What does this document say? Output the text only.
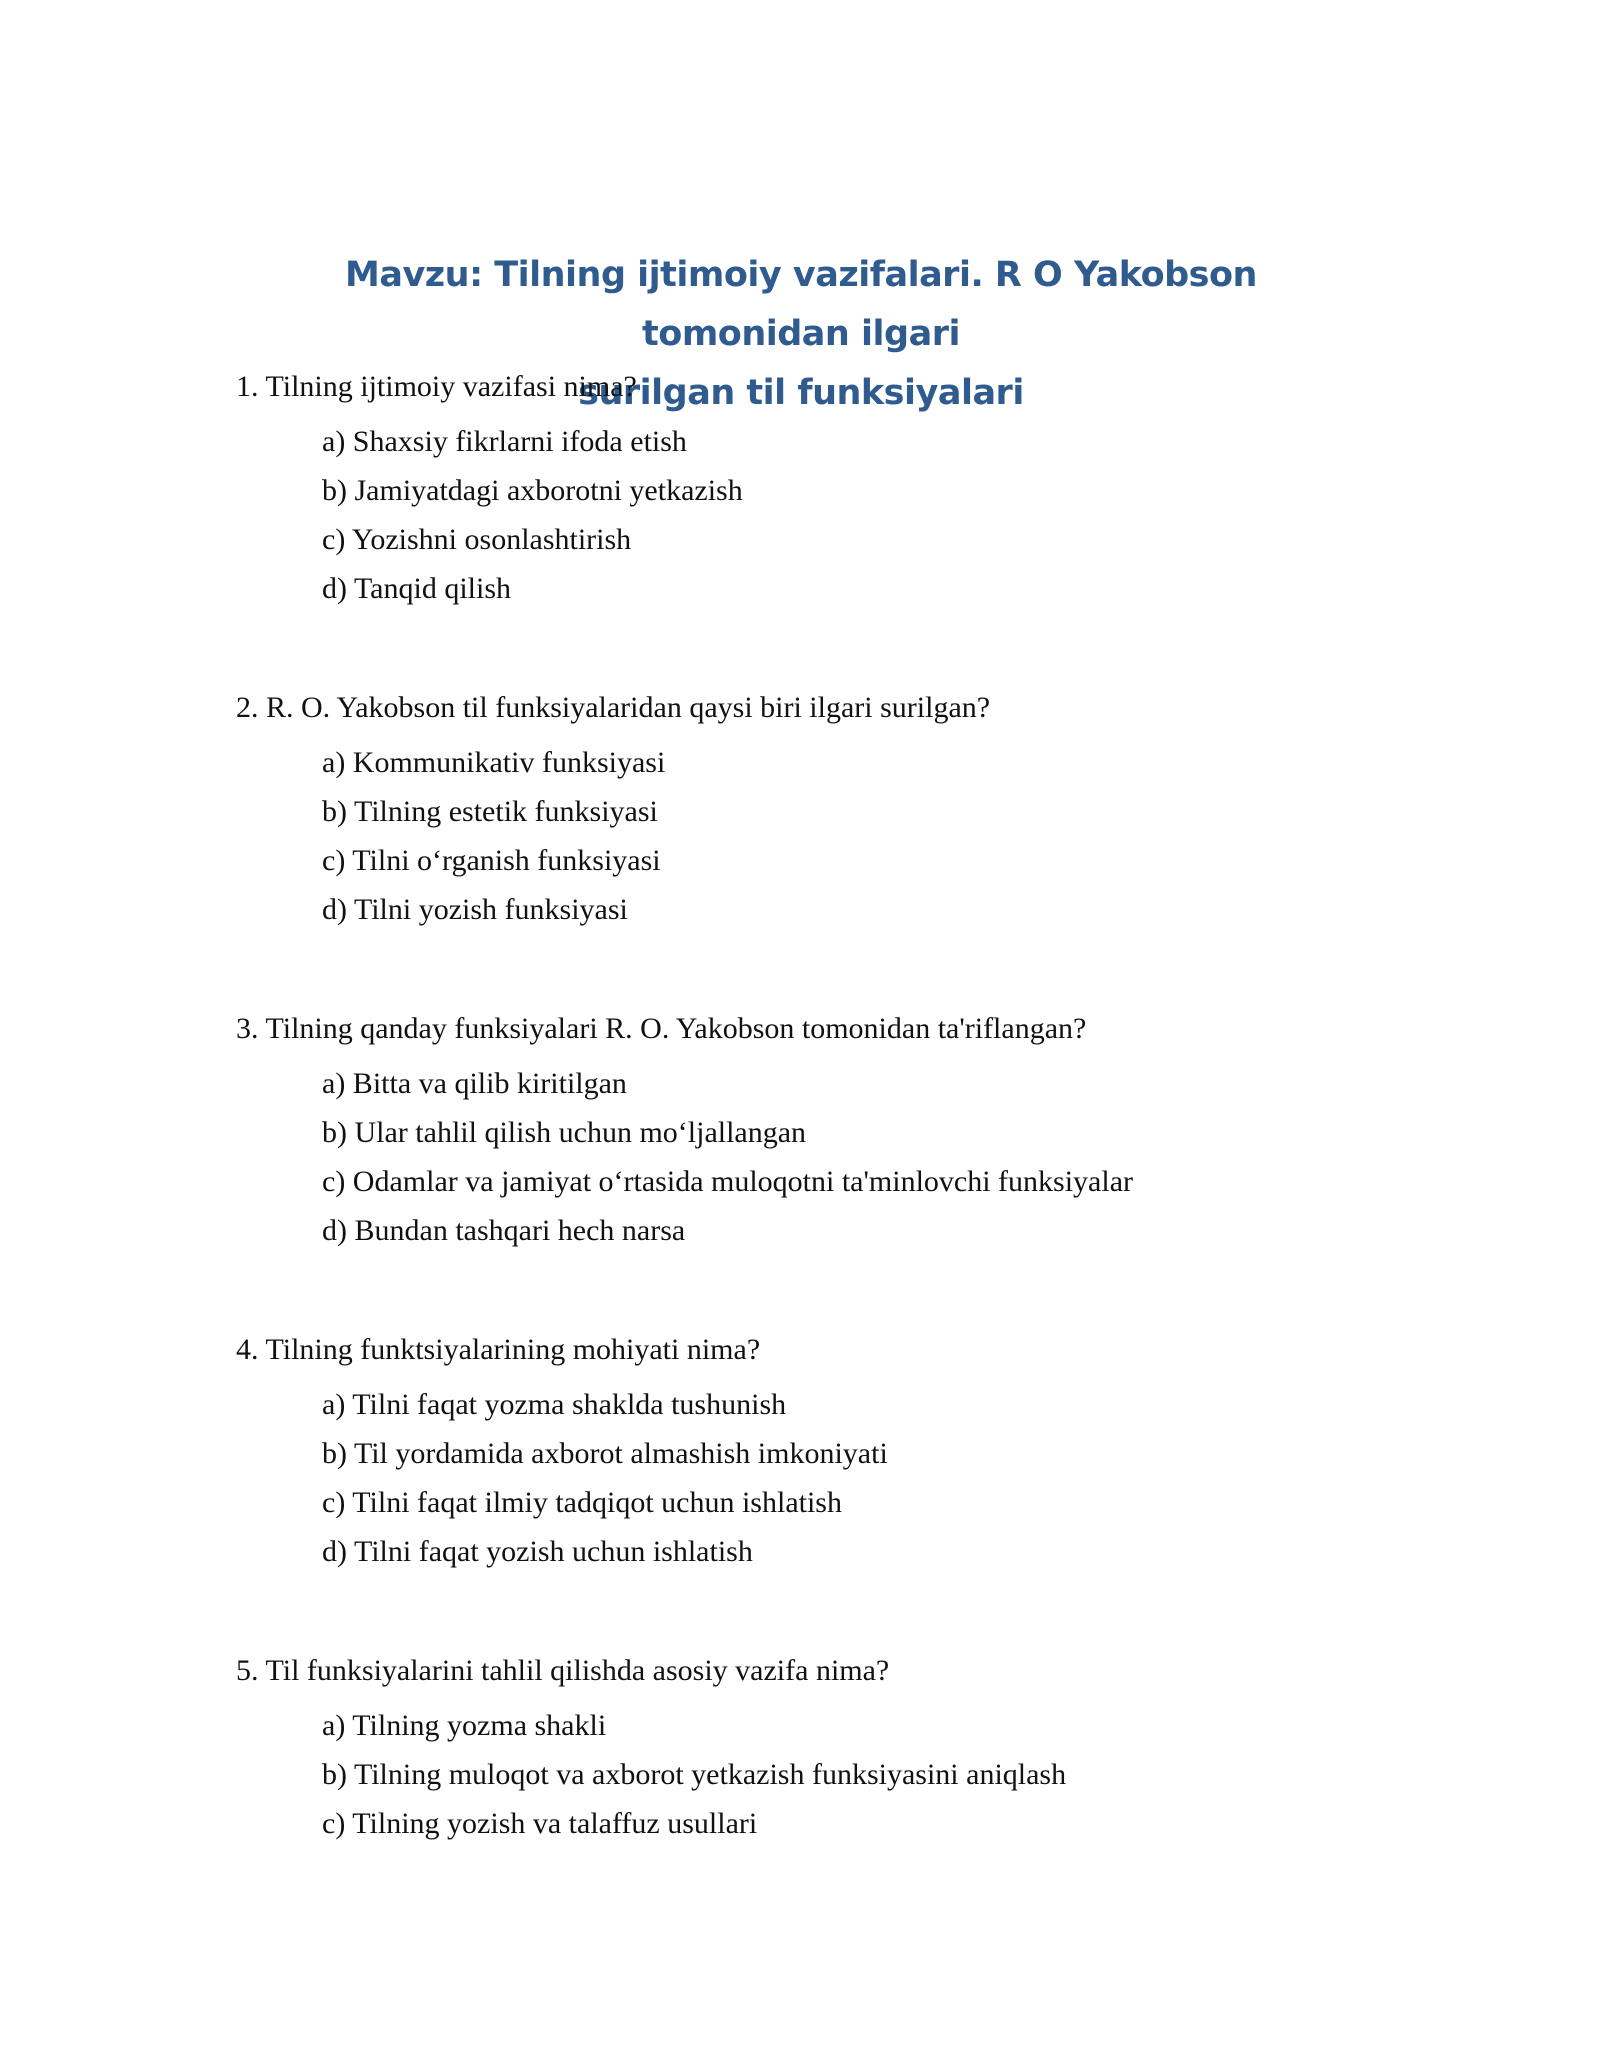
Mavzu: Tilning ijtimoiy vazifalari. R O Yakobson tomonidan ilgari
surilgan til funksiyalari
1. Tilning ijtimoiy vazifasi nima?
a) Shaxsiy fikrlarni ifoda etish
b) Jamiyatdagi axborotni yetkazish
c) Yozishni osonlashtirish
d) Tanqid qilish
2. R. O. Yakobson til funksiyalaridan qaysi biri ilgari surilgan?
a) Kommunikativ funksiyasi
b) Tilning estetik funksiyasi
c) Tilni o‘rganish funksiyasi
d) Tilni yozish funksiyasi
3. Tilning qanday funksiyalari R. O. Yakobson tomonidan ta'riflangan?
a) Bitta va qilib kiritilgan
b) Ular tahlil qilish uchun mo‘ljallangan
c) Odamlar va jamiyat o‘rtasida muloqotni ta'minlovchi funksiyalar
d) Bundan tashqari hech narsa
4. Tilning funktsiyalarining mohiyati nima?
a) Tilni faqat yozma shaklda tushunish
b) Til yordamida axborot almashish imkoniyati
c) Tilni faqat ilmiy tadqiqot uchun ishlatish
d) Tilni faqat yozish uchun ishlatish
5. Til funksiyalarini tahlil qilishda asosiy vazifa nima?
a) Tilning yozma shakli
b) Tilning muloqot va axborot yetkazish funksiyasini aniqlash
c) Tilning yozish va talaffuz usullari
